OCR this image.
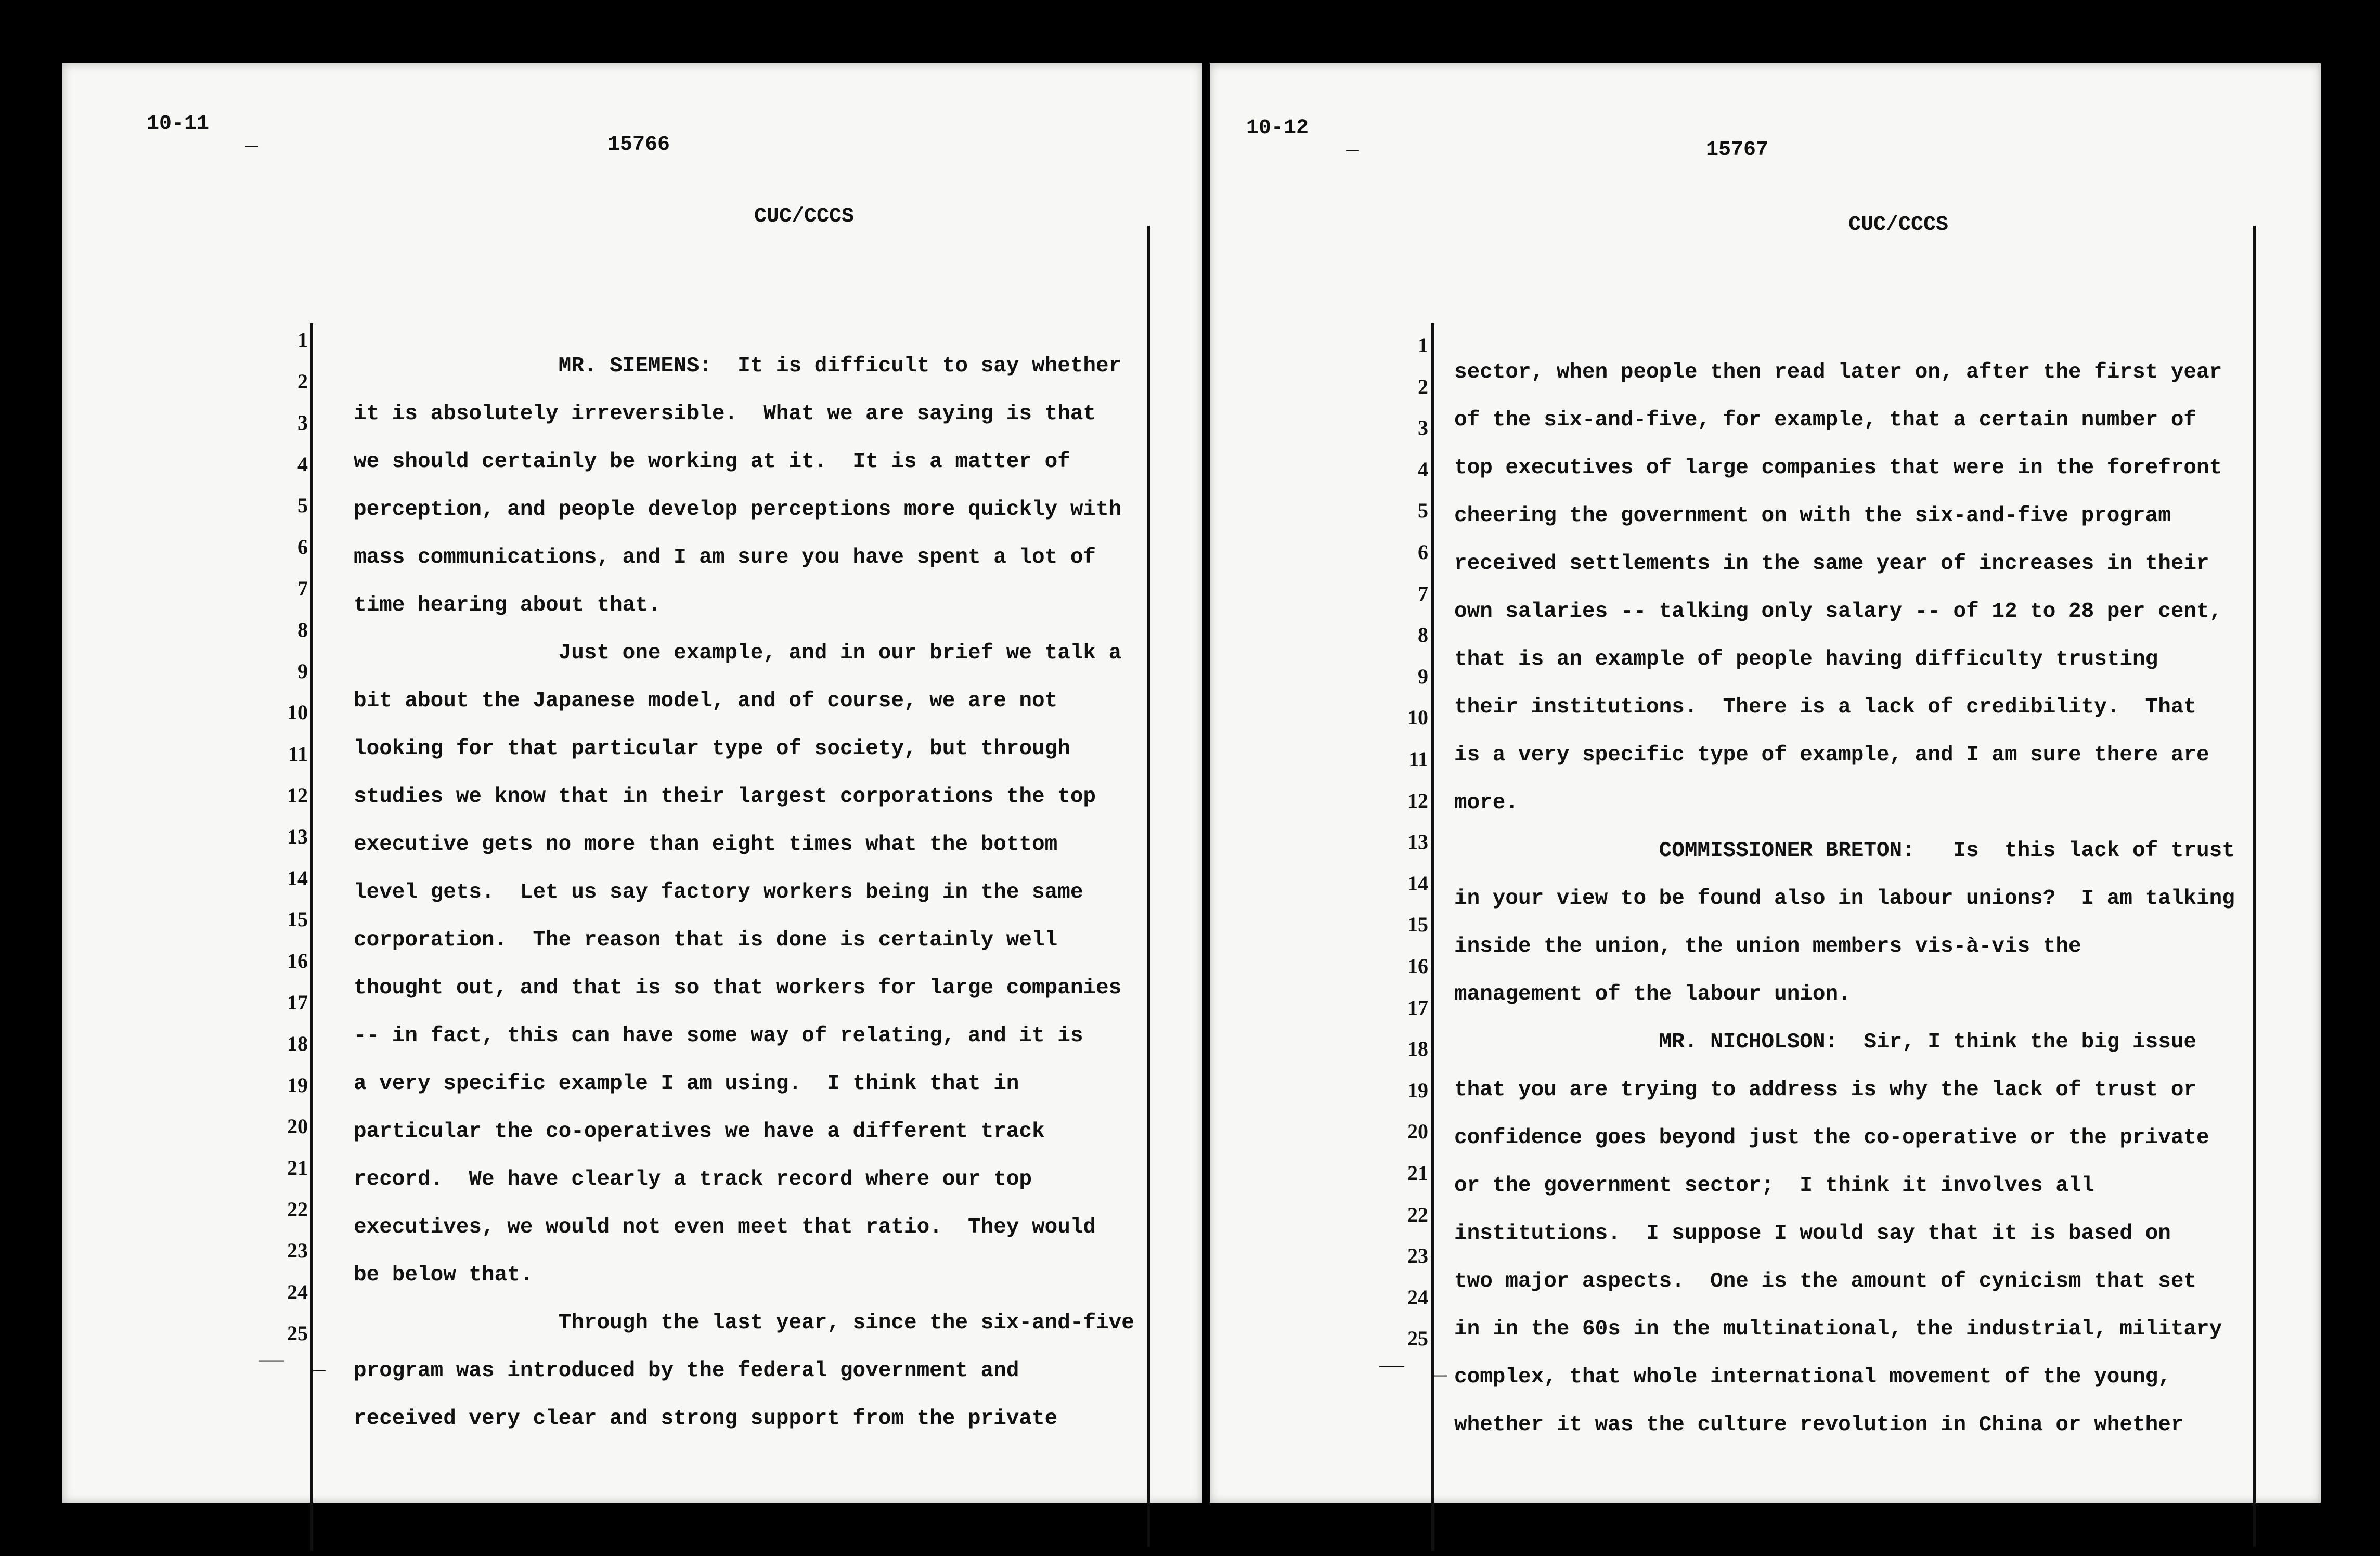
10-11
_	15766
CUC/CCCS
1
2
3
4
5
6
7
8
9
10
11
12
13
14
15
16
17
18
19
20
21
22
23
24
25
__ _
MR. SIEMENS:  It is difficult to say whether
it is absolutely irreversible.  What we are saying is that
we should certainly be working at it.  It is a matter of
perception, and people develop perceptions more quickly with
mass communications, and I am sure you have spent a lot of
time hearing about that.
Just one example, and in our brief we talk a
bit about the Japanese model, and of course, we are not
looking for that particular type of society, but through
studies we know that in their largest corporations the top
executive gets no more than eight times what the bottom
level gets.  Let us say factory workers being in the same
corporation.  The reason that is done is certainly well
thought out, and that is so that workers for large companies
-- in fact, this can have some way of relating, and it is
a very specific example I am using.  I think that in
particular the co-operatives we have a different track
record.  We have clearly a track record where our top
executives, we would not even meet that ratio.  They would
be below that.
Through the last year, since the six-and-five
program was introduced by the federal government and
received very clear and strong support from the private
10-12
_	15767
CUC/CCCS
1
2
3
4
5
6
7
8
9
10
11
12
13
14
15
16
17
18
19
20
21
22
23
24
25
__ _
sector, when people then read later on, after the first year
of the six-and-five, for example, that a certain number of
top executives of large companies that were in the forefront
cheering the government on with the six-and-five program
received settlements in the same year of increases in their
own salaries -- talking only salary -- of 12 to 28 per cent,
that is an example of people having difficulty trusting
their institutions.  There is a lack of credibility.  That
is a very specific type of example, and I am sure there are
more.
COMMISSIONER BRETON:   Is  this lack of trust
in your view to be found also in labour unions?  I am talking
inside the union, the union members vis-à-vis the
management of the labour union.
MR. NICHOLSON:  Sir, I think the big issue
that you are trying to address is why the lack of trust or
confidence goes beyond just the co-operative or the private
or the government sector;  I think it involves all
institutions.  I suppose I would say that it is based on
two major aspects.  One is the amount of cynicism that set
in in the 60s in the multinational, the industrial, military
complex, that whole international movement of the young,
whether it was the culture revolution in China or whether
